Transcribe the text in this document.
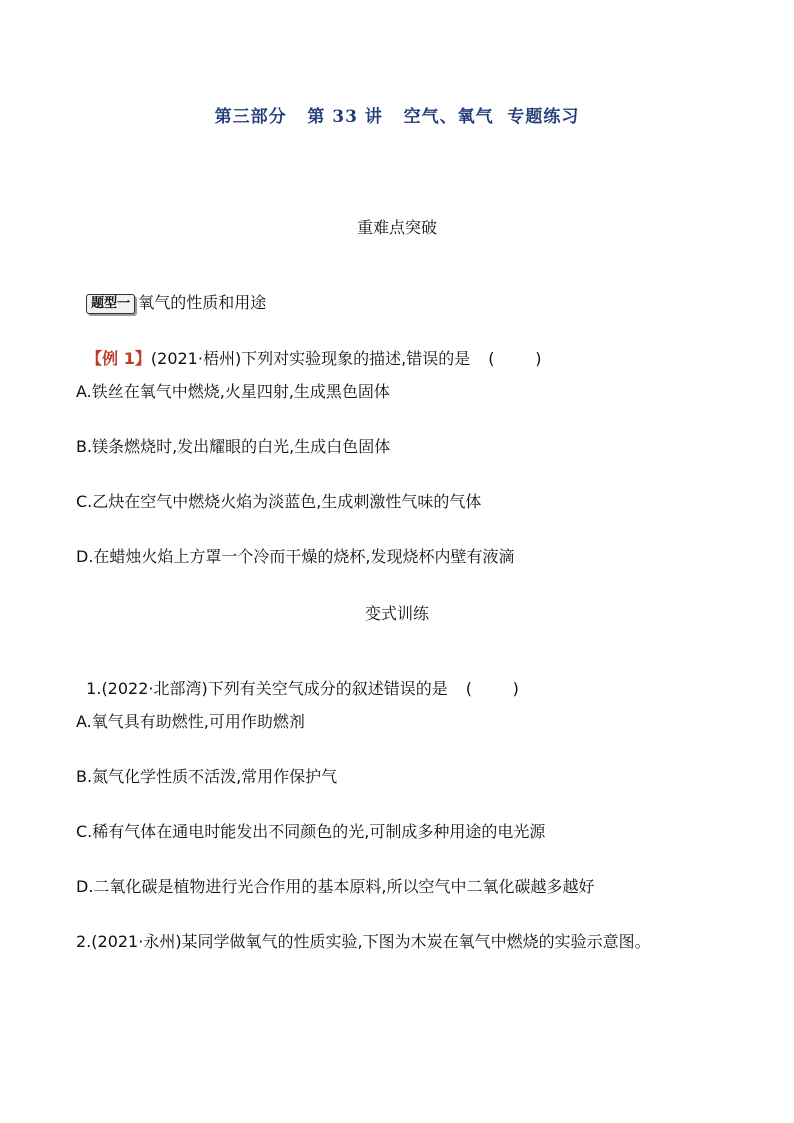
第三部分   第 33 讲   空气、氧气  专题练习
重难点突破

题型一 氧气的性质和用途

【例 1】(2021·梧州)下列对实验现象的描述,错误的是 (        )

A.铁丝在氧气中燃烧,火星四射,生成黑色固体
B.镁条燃烧时,发出耀眼的白光,生成白色固体
C.乙炔在空气中燃烧火焰为淡蓝色,生成刺激性气味的气体
D.在蜡烛火焰上方罩一个冷而干燥的烧杯,发现烧杯内壁有液滴
变式训练

1.(2022·北部湾)下列有关空气成分的叙述错误的是 (        )

A.氧气具有助燃性,可用作助燃剂
B.氮气化学性质不活泼,常用作保护气
C.稀有气体在通电时能发出不同颜色的光,可制成多种用途的电光源
D.二氧化碳是植物进行光合作用的基本原料,所以空气中二氧化碳越多越好
2.(2021·永州)某同学做氧气的性质实验,下图为木炭在氧气中燃烧的实验示意图。
